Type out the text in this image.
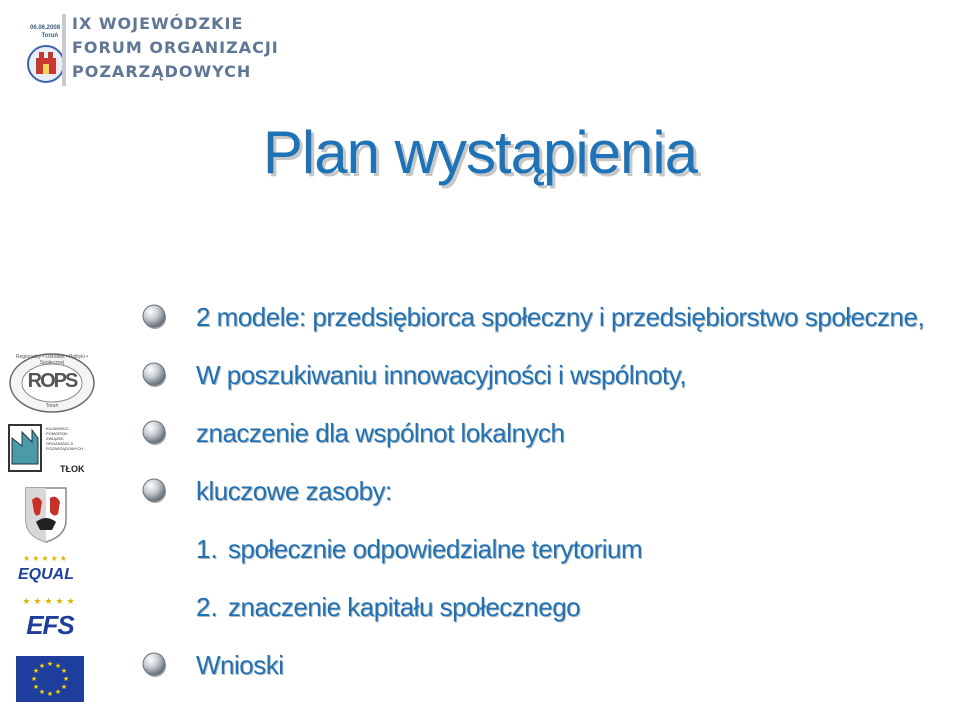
06.06.2008
Toruń
IX WOJEWÓDZKIE
FORUM ORGANIZACJI
POZARZĄDOWYCH
Plan wystąpienia
2 modele: przedsiębiorca społeczny i przedsiębiorstwo społeczne,
W poszukiwaniu innowacyjności i wspólnoty,
znaczenie dla wspólnot lokalnych
kluczowe zasoby:
1. społecznie odpowiedzialne terytorium
2. znaczenie kapitału społecznego
Wnioski
Regionalny • Ośrodek • Polityki • Społecznej
ROPS
Toruń
KUJAWSKO-
POMORSKI
ZWIĄZEK
ORGANIZACJI
POZARZĄDOWYCH
TŁOK
★★★★★
EQUAL
★★★★★
EFS
★ ★
★
★
★
★
★
★
★
★
★
★
